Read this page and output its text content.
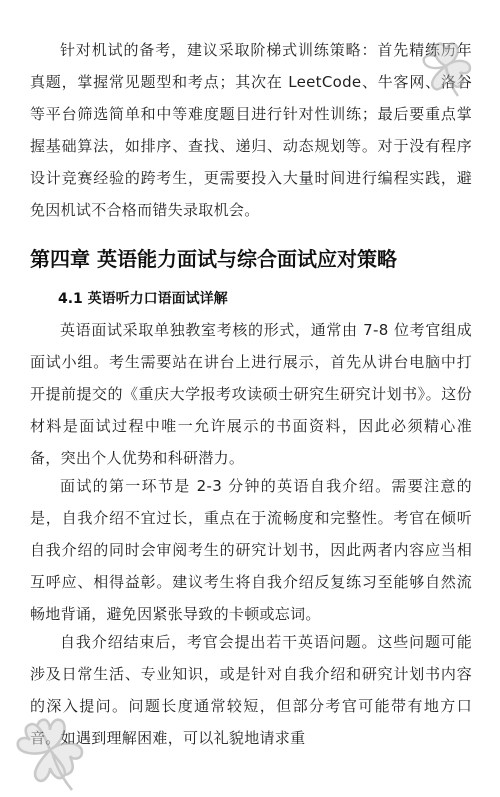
针对机试的备考，建议采取阶梯式训练策略：首先精练历年真题，掌握常见题型和考点；其次在 LeetCode、牛客网、洛谷等平台筛选简单和中等难度题目进行针对性训练；最后要重点掌握基础算法，如排序、查找、递归、动态规划等。对于没有程序设计竞赛经验的跨考生，更需要投入大量时间进行编程实践，避免因机试不合格而错失录取机会。

第四章 英语能力面试与综合面试应对策略
4.1 英语听力口语面试详解

英语面试采取单独教室考核的形式，通常由 7-8 位考官组成面试小组。考生需要站在讲台上进行展示，首先从讲台电脑中打开提前提交的《重庆大学报考攻读硕士研究生研究计划书》。这份材料是面试过程中唯一允许展示的书面资料，因此必须精心准备，突出个人优势和科研潜力。

面试的第一环节是 2-3 分钟的英语自我介绍。需要注意的是，自我介绍不宜过长，重点在于流畅度和完整性。考官在倾听自我介绍的同时会审阅考生的研究计划书，因此两者内容应当相互呼应、相得益彰。建议考生将自我介绍反复练习至能够自然流畅地背诵，避免因紧张导致的卡顿或忘词。

自我介绍结束后，考官会提出若干英语问题。这些问题可能涉及日常生活、专业知识，或是针对自我介绍和研究计划书内容的深入提问。问题长度通常较短，但部分考官可能带有地方口音。如遇到理解困难，可以礼貌地请求重
